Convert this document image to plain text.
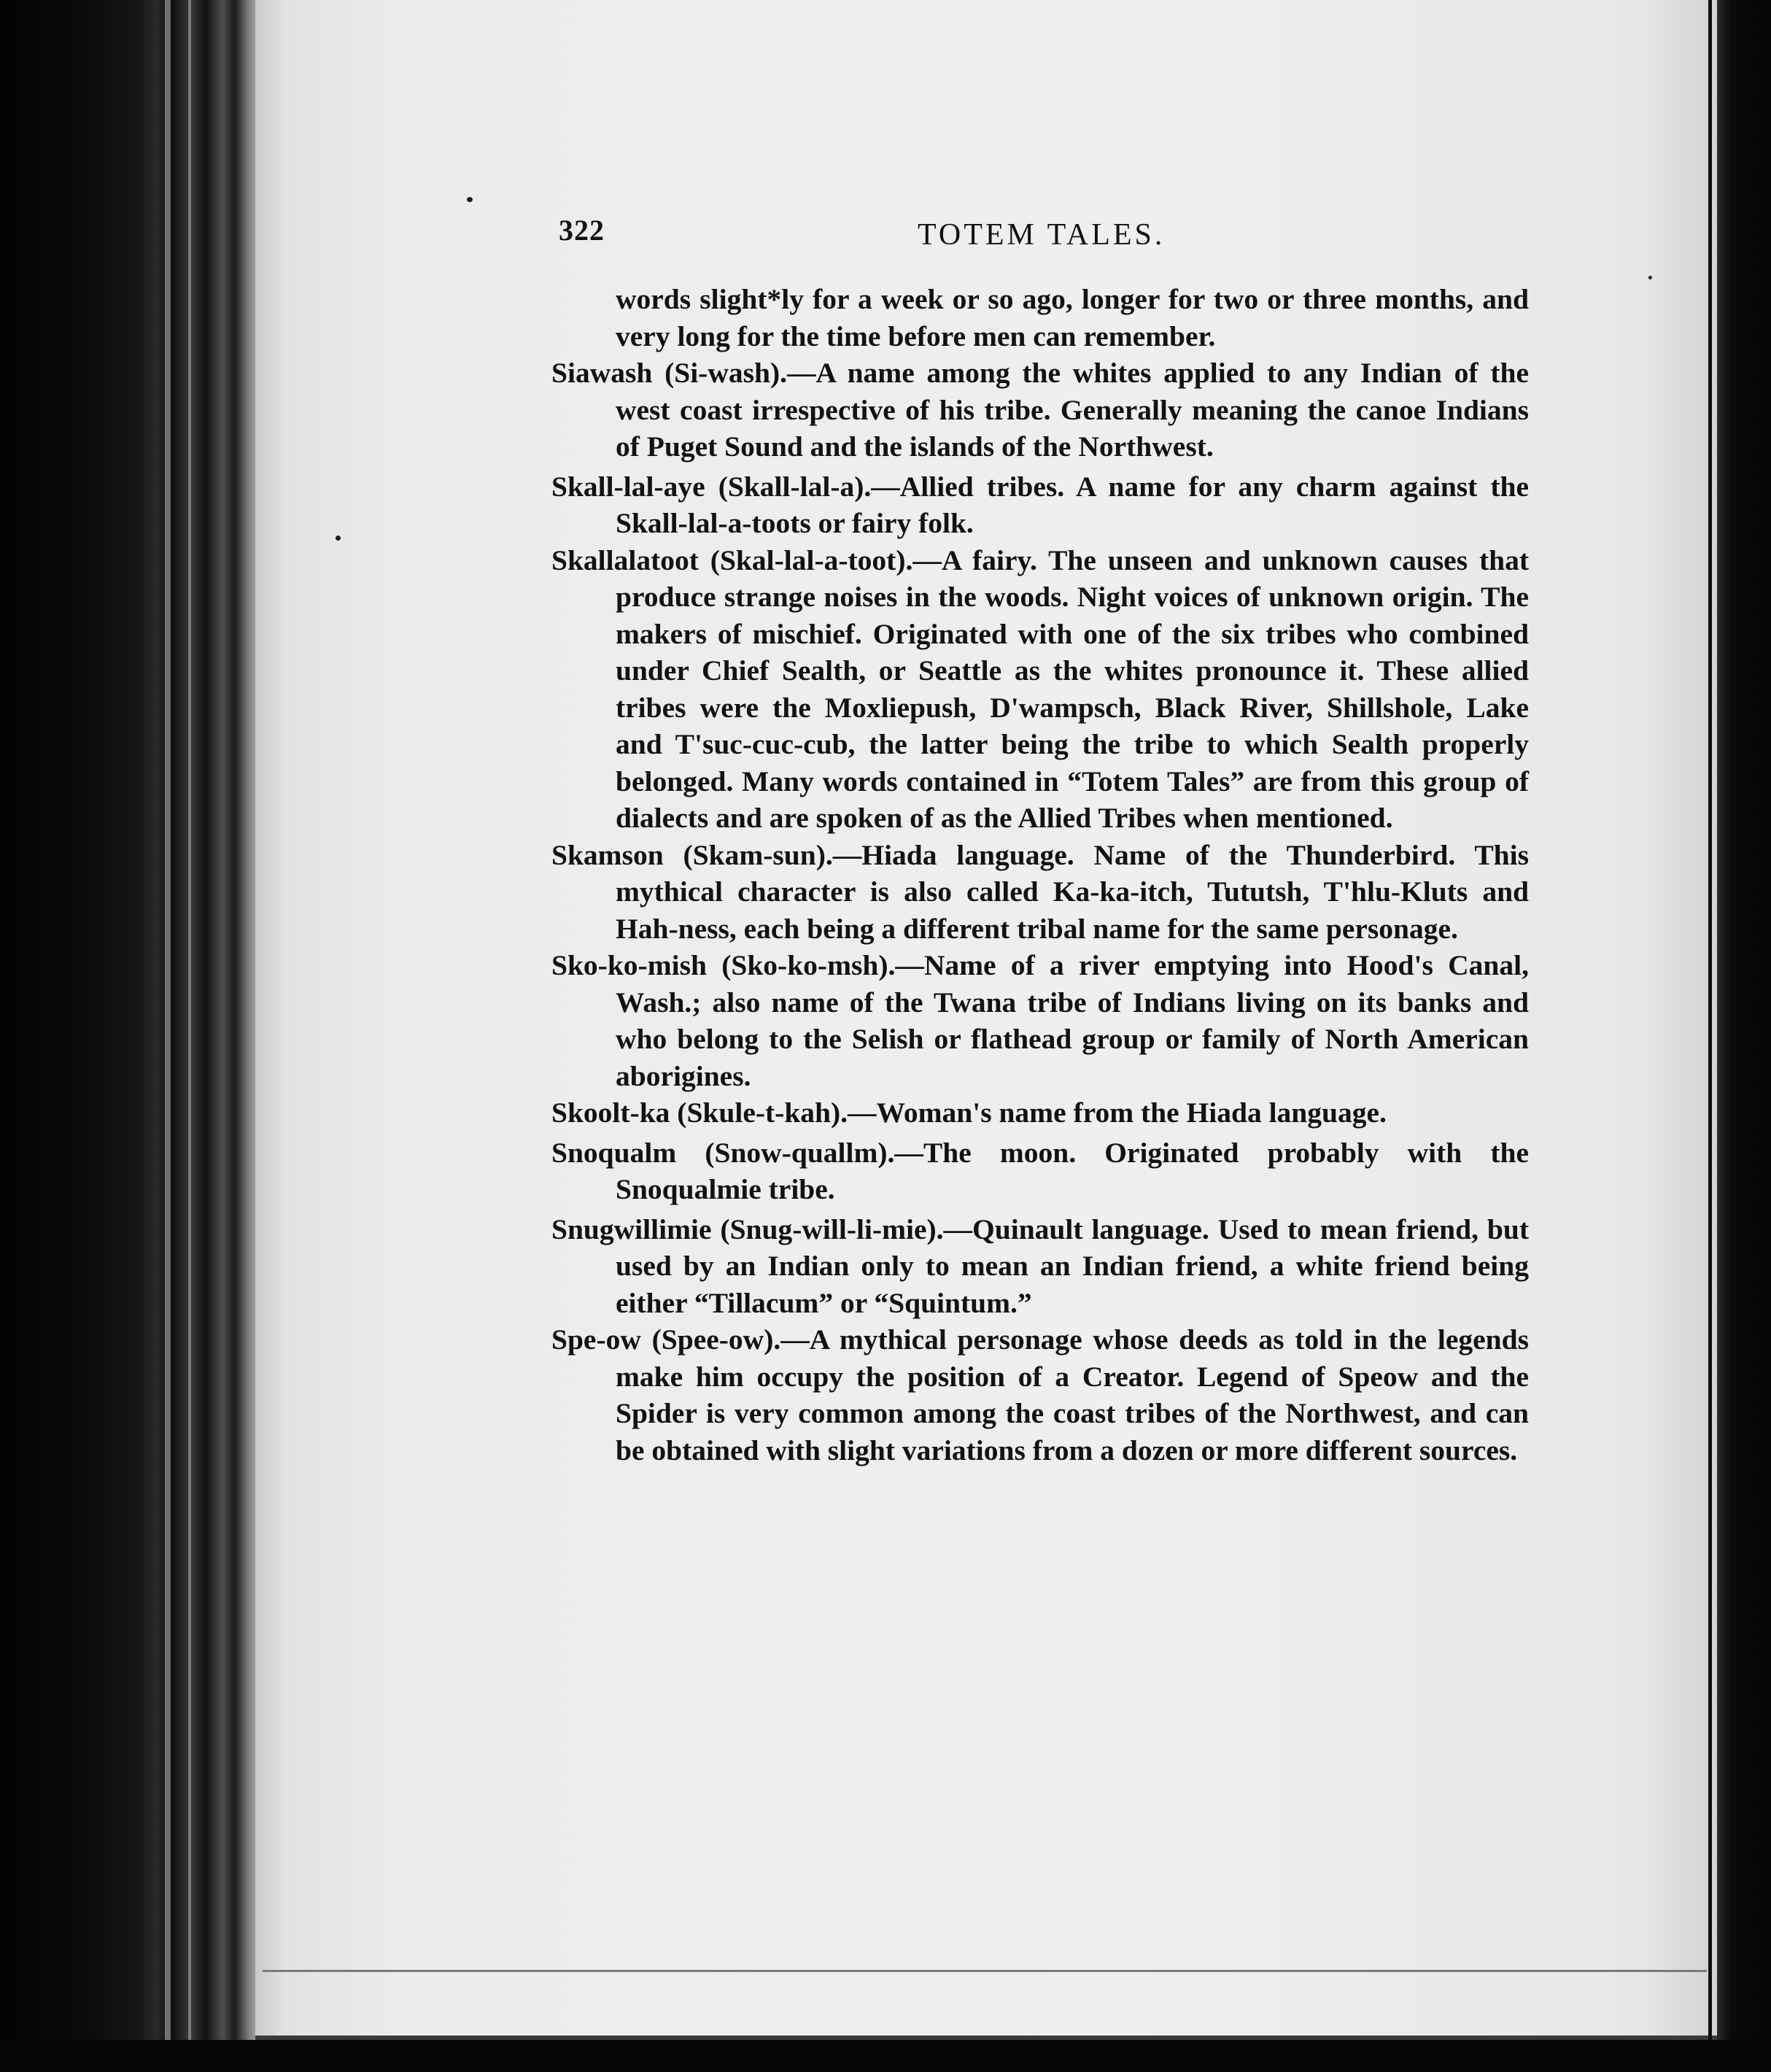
322	TOTEM TALES.

words slight*ly for a week or so ago, longer for two or three months, and very long for the time before men can remember.

Siawash (Si-wash).—A name among the whites applied to any Indian of the west coast irrespective of his tribe. Generally meaning the canoe Indians of Puget Sound and the islands of the Northwest.

Skall-lal-aye (Skall-lal-a).—Allied tribes. A name for any charm against the Skall-lal-a-toots or fairy folk.

Skallalatoot (Skal-lal-a-toot).—A fairy. The unseen and unknown causes that produce strange noises in the woods. Night voices of unknown origin. The makers of mischief. Originated with one of the six tribes who combined under Chief Sealth, or Seattle as the whites pronounce it. These allied tribes were the Moxliepush, D'wampsch, Black River, Shillshole, Lake and T'suc-cuc-cub, the latter being the tribe to which Sealth properly belonged. Many words contained in “Totem Tales” are from this group of dialects and are spoken of as the Allied Tribes when mentioned.

Skamson (Skam-sun).—Hiada language. Name of the Thunderbird. This mythical character is also called Ka-ka-itch, Tututsh, T'hlu-Kluts and Hah-ness, each being a different tribal name for the same personage.

Sko-ko-mish (Sko-ko-msh).—Name of a river emptying into Hood's Canal, Wash.; also name of the Twana tribe of Indians living on its banks and who belong to the Selish or flathead group or family of North American aborigines.

Skoolt-ka (Skule-t-kah).—Woman's name from the Hiada language.

Snoqualm (Snow-quallm).—The moon. Originated probably with the Snoqualmie tribe.

Snugwillimie (Snug-will-li-mie).—Quinault language. Used to mean friend, but used by an Indian only to mean an Indian friend, a white friend being either “Tillacum” or “Squintum.”

Spe-ow (Spee-ow).—A mythical personage whose deeds as told in the legends make him occupy the position of a Creator. Legend of Speow and the Spider is very common among the coast tribes of the Northwest, and can be obtained with slight variations from a dozen or more different sources.
